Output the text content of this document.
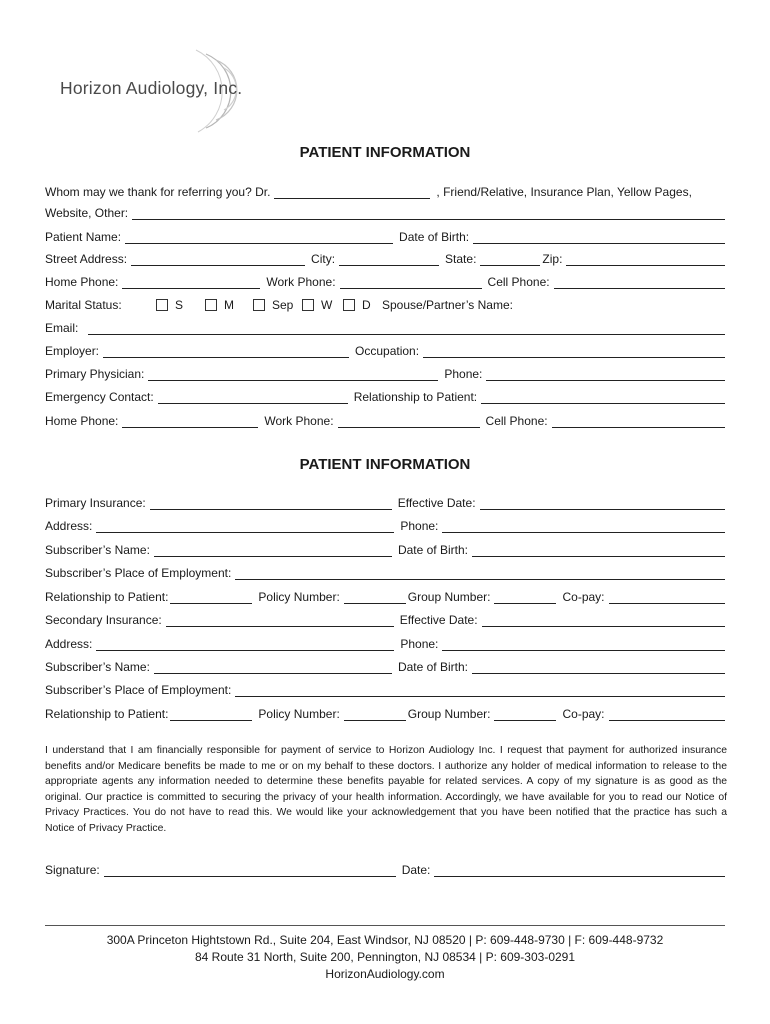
Horizon Audiology, Inc.
PATIENT INFORMATION
Whom may we thank for referring you? Dr.	, Friend/Relative, Insurance Plan, Yellow Pages,
Website, Other:
Patient Name:	Date of Birth:
Street Address:	City:	State:	Zip:
Home Phone:	Work Phone:	Cell Phone:
Marital Status:	S	M	Sep	W	D Spouse/Partner’s Name:
Email:
Employer:	Occupation:
Primary Physician:	Phone:
Emergency Contact:	Relationship to Patient:
Home Phone:	Work Phone:	Cell Phone:
PATIENT INFORMATION
Primary Insurance:	Effective Date:
Address:	Phone:
Subscriber’s Name:	Date of Birth:
Subscriber’s Place of Employment:
Relationship to Patient:	Policy Number:	Group Number:	Co-pay:
Secondary Insurance:	Effective Date:
Address:	Phone:
Subscriber’s Name:	Date of Birth:
Subscriber’s Place of Employment:
Relationship to Patient:	Policy Number:	Group Number:	Co-pay:
I understand that I am financially responsible for payment of service to Horizon Audiology Inc. I request that payment for authorized insurance benefits and/or Medicare benefits be made to me or on my behalf to these doctors. I authorize any holder of medical information to release to the appropriate agents any information needed to determine these benefits payable for related services. A copy of my signature is as good as the original. Our practice is committed to securing the privacy of your health information. Accordingly, we have available for you to read our Notice of Privacy Practices. You do not have to read this. We would like your acknowledgement that you have been notified that the practice has such a Notice of Privacy Practice.
Signature:	Date:
300A Princeton Hightstown Rd., Suite 204, East Windsor, NJ 08520 | P: 609-448-9730 | F: 609-448-9732
84 Route 31 North, Suite 200, Pennington, NJ 08534 | P: 609-303-0291
HorizonAudiology.com
